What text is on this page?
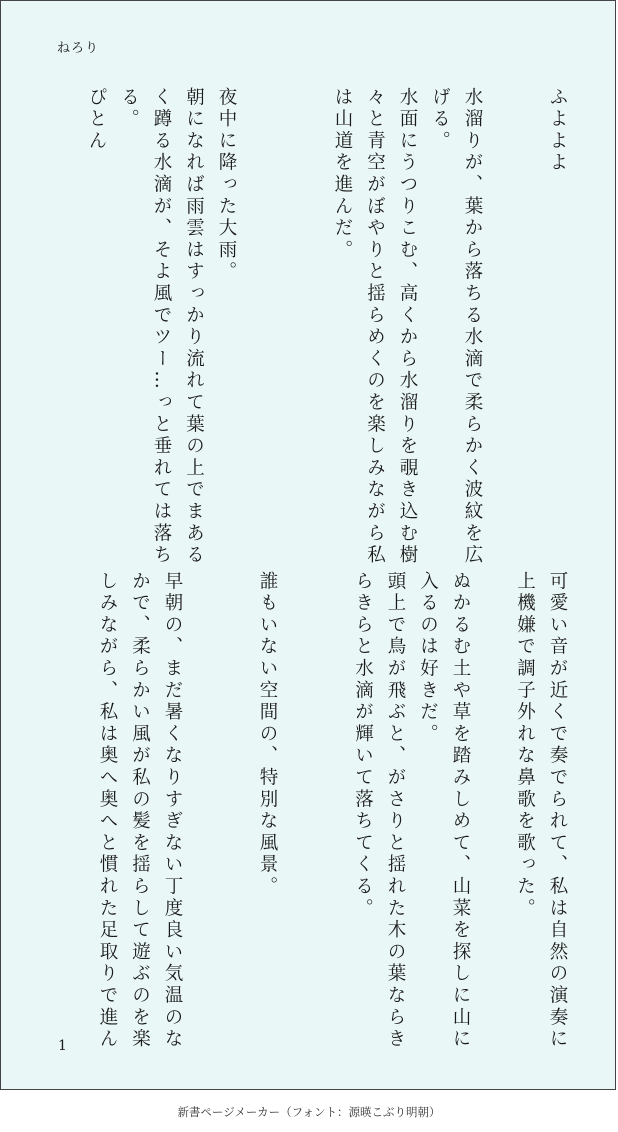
ねろり
ふよよよ
水溜りが、葉から落ちる水滴で柔らかく波紋を広
げる。
水面にうつりこむ、高くから水溜りを覗き込む樹
々と青空がぼやりと揺らめくのを楽しみながら私
は山道を進んだ。
夜中に降った大雨。
朝になれば雨雲はすっかり流れて葉の上でまある
く蹲る水滴が、そよ風でツー…っと垂れては落ち
る。
ぴとん
可愛い音が近くで奏でられて、私は自然の演奏に
上機嫌で調子外れな鼻歌を歌った。
ぬかるむ土や草を踏みしめて、山菜を探しに山に
入るのは好きだ。
頭上で鳥が飛ぶと、がさりと揺れた木の葉ならき
らきらと水滴が輝いて落ちてくる。
誰もいない空間の、特別な風景。
早朝の、まだ暑くなりすぎない丁度良い気温のな
かで、柔らかい風が私の髪を揺らして遊ぶのを楽
しみながら、私は奥へ奥へと慣れた足取りで進ん
1
新書ページメーカー（フォント：源暎こぶり明朝）
